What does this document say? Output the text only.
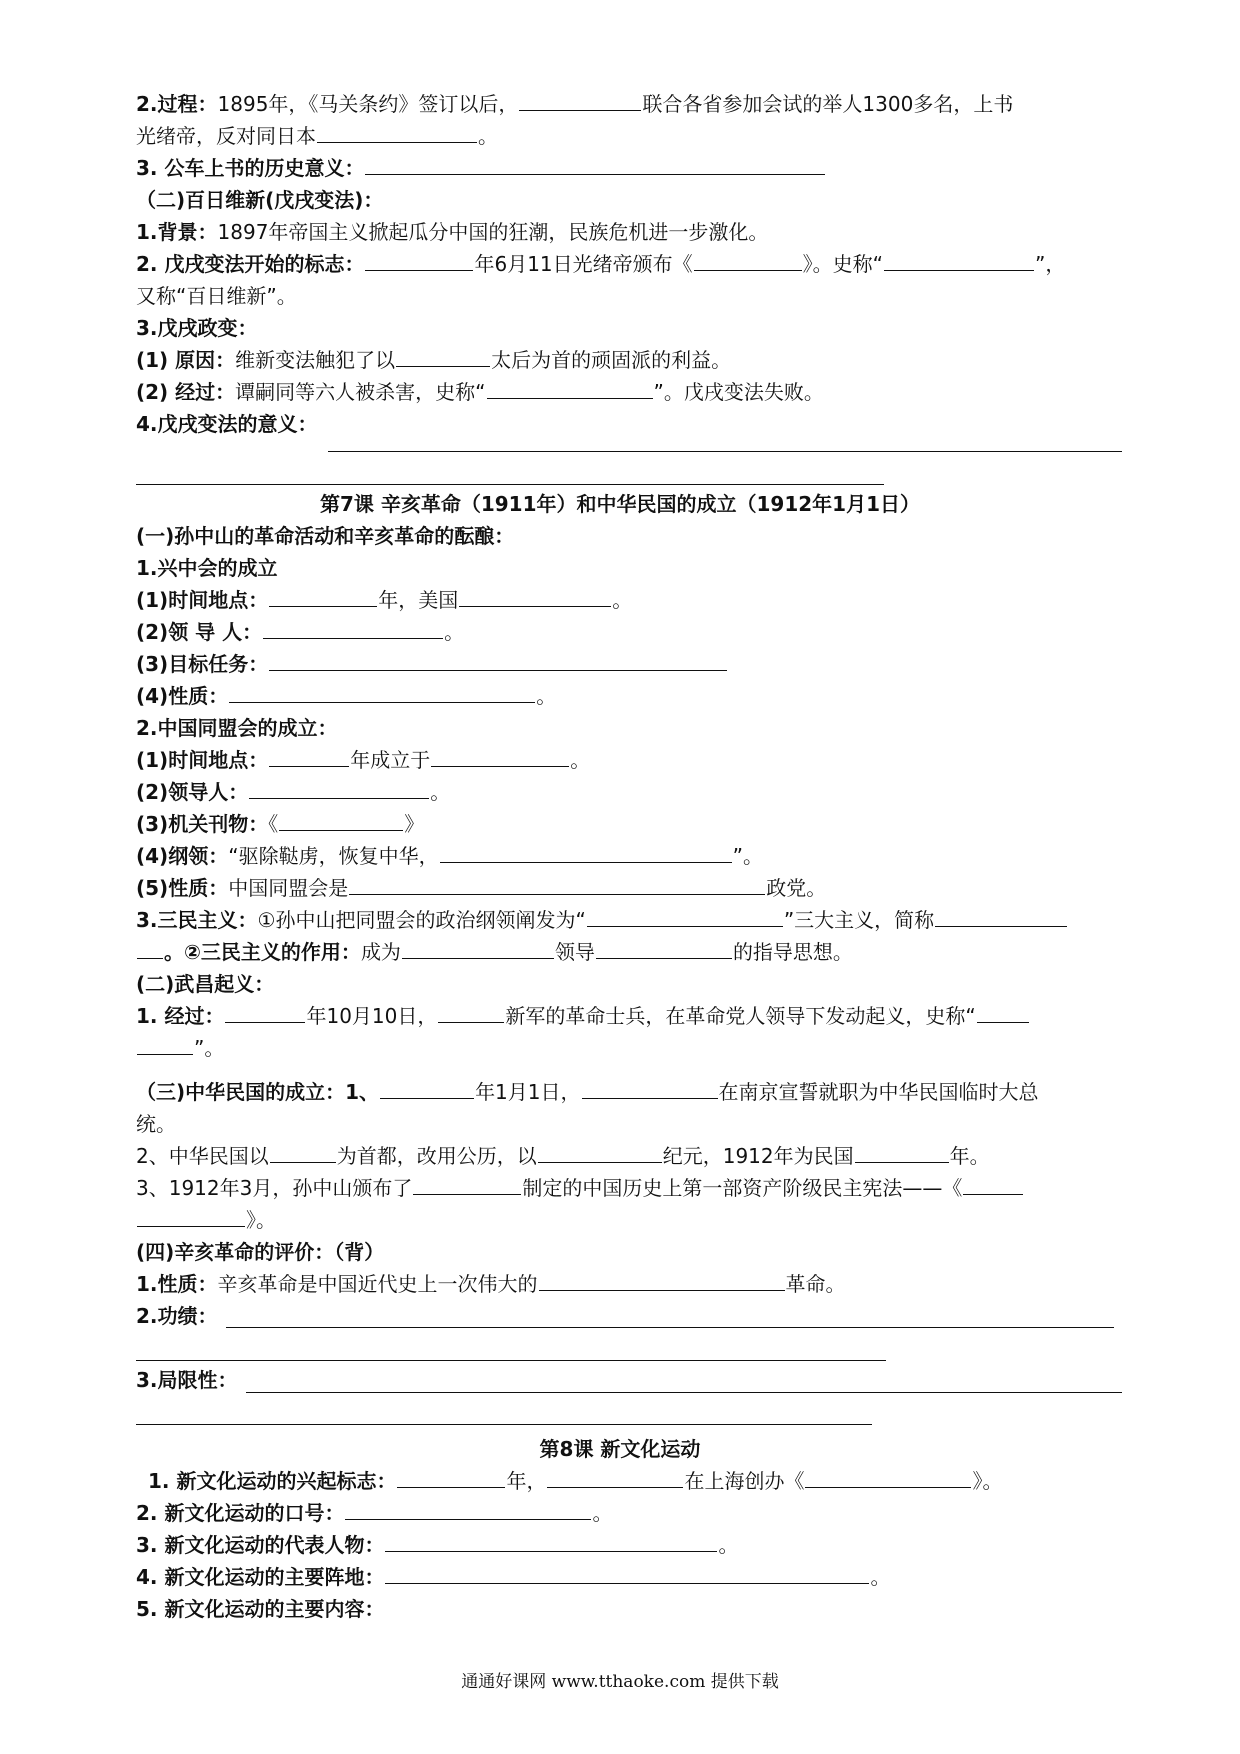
2.过程：1895年，《马关条约》签订以后，	联合各省参加会试的举人1300多名，上书
光绪帝，反对同日本	。
3. 公车上书的历史意义：
（二)百日维新(戊戌变法)：
1.背景：1897年帝国主义掀起瓜分中国的狂潮，民族危机进一步激化。
2. 戊戌变法开始的标志：	年6月11日光绪帝颁布《	》。史称“	”，
又称“百日维新”。
3.戊戌政变：
(1) 原因：维新变法触犯了以	太后为首的顽固派的利益。
(2) 经过：谭嗣同等六人被杀害，史称“	”。戊戌变法失败。
4.戊戌变法的意义：
第7课 辛亥革命（1911年）和中华民国的成立（1912年1月1日）
(一)孙中山的革命活动和辛亥革命的酝酿：
1.兴中会的成立
(1)时间地点：	年，美国	。
(2)领 导 人：	。
(3)目标任务：
(4)性质：	。
2.中国同盟会的成立：
(1)时间地点：	年成立于	。
(2)领导人：	。
(3)机关刊物：《	》
(4)纲领：“驱除鞑虏，恢复中华，	”。
(5)性质：中国同盟会是	政党。
3.三民主义：①孙中山把同盟会的政治纲领阐发为“	”三大主义，简称
。②三民主义的作用：成为	领导	的指导思想。
(二)武昌起义：
1. 经过：	年10月10日，	新军的革命士兵，在革命党人领导下发动起义，史称“
”。
（三)中华民国的成立：1、	年1月1日，	在南京宣誓就职为中华民国临时大总
统。
2、中华民国以	为首都，改用公历，以	纪元，1912年为民国	年。
3、1912年3月，孙中山颁布了	制定的中国历史上第一部资产阶级民主宪法——《
》。
(四)辛亥革命的评价：（背）
1.性质：辛亥革命是中国近代史上一次伟大的	革命。
2.功绩：
3.局限性：
第8课 新文化运动
1. 新文化运动的兴起标志：	年，	在上海创办《	》。
2. 新文化运动的口号：	。
3. 新文化运动的代表人物：	。
4. 新文化运动的主要阵地：	。
5. 新文化运动的主要内容：
通通好课网 www.tthaoke.com 提供下载
